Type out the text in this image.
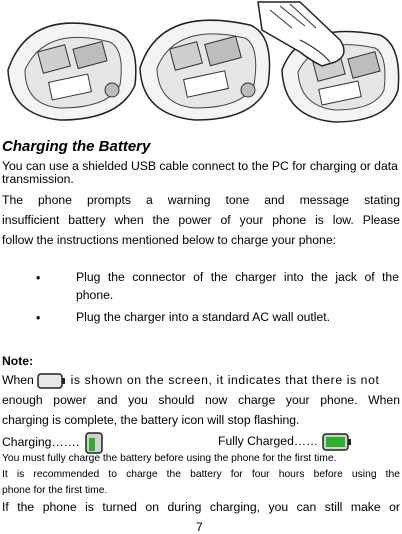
Charging the Battery

You can use a shielded USB cable connect to the PC for charging or data transmission.

The phone prompts a warning tone and message stating

insufficient battery when the power of your phone is low. Please

follow the instructions mentioned below to charge your phone:

•	Plug the connector of the charger into the jack of the phone.

•	Plug the charger into a standard AC wall outlet.

Note:
When	is shown on the screen, it indicates that there is not

enough power and you should now charge your phone. When

charging is complete, the battery icon will stop flashing.

Charging…….	Fully Charged……

You must fully charge the battery before using the phone for the first time.

It is recommended to charge the battery for four hours before using the

phone for the first time.

If the phone is turned on during charging, you can still make or

7
